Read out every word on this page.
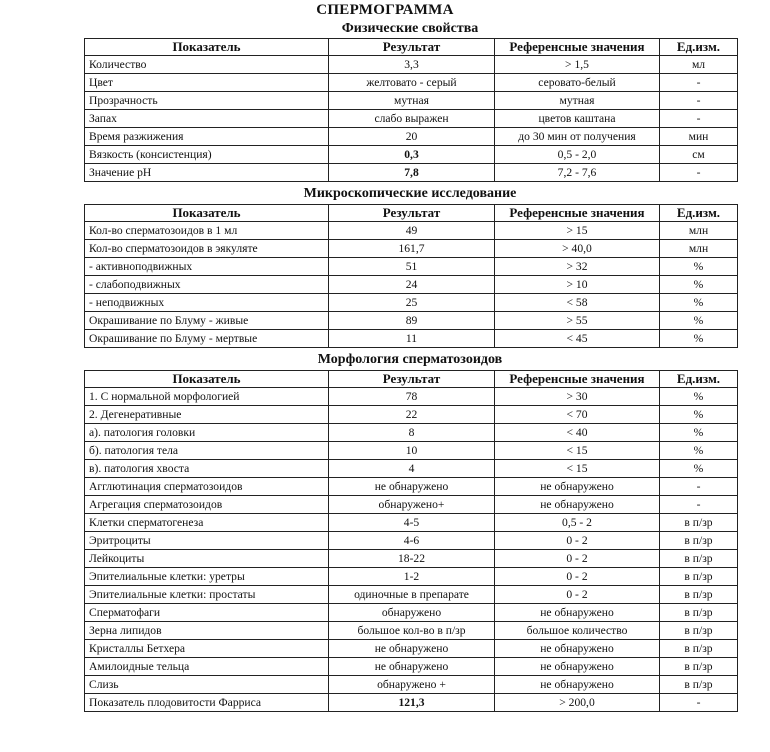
СПЕРМОГРАММА
Физические свойства
Показатель	Результат	Референсные значения	Ед.изм.
Количество	3,3	> 1,5	мл
Цвет	желтовато - серый	серовато-белый	-
Прозрачность	мутная	мутная	-
Запах	слабо выражен	цветов каштана	-
Время разжижения	20	до 30 мин от получения	мин
Вязкость (консистенция)	0,3	0,5 - 2,0	см
Значение pH	7,8	7,2 - 7,6	-
Микроскопические исследование
Показатель	Результат	Референсные значения	Ед.изм.
Кол-во сперматозоидов в 1 мл	49	> 15	млн
Кол-во сперматозоидов в эякуляте	161,7	> 40,0	млн
- активноподвижных	51	> 32	%
- слабоподвижных	24	> 10	%
- неподвижных	25	< 58	%
Окрашивание по Блуму - живые	89	> 55	%
Окрашивание по Блуму - мертвые	11	< 45	%
Морфология сперматозоидов
Показатель	Результат	Референсные значения	Ед.изм.
1. С нормальной морфологией	78	> 30	%
2. Дегенеративные	22	< 70	%
а). патология головки	8	< 40	%
б). патология тела	10	< 15	%
в). патология хвоста	4	< 15	%
Агглютинация сперматозоидов	не обнаружено	не обнаружено	-
Агрегация сперматозоидов	обнаружено+	не обнаружено	-
Клетки сперматогенеза	4-5	0,5 - 2	в п/зр
Эритроциты	4-6	0 - 2	в п/зр
Лейкоциты	18-22	0 - 2	в п/зр
Эпителиальные клетки: уретры	1-2	0 - 2	в п/зр
Эпителиальные клетки: простаты	одиночные в препарате	0 - 2	в п/зр
Сперматофаги	обнаружено	не обнаружено	в п/зр
Зерна липидов	большое кол-во в п/зр	большое количество	в п/зр
Кристаллы Бетхера	не обнаружено	не обнаружено	в п/зр
Амилоидные тельца	не обнаружено	не обнаружено	в п/зр
Слизь	обнаружено +	не обнаружено	в п/зр
Показатель плодовитости Фарриса	121,3	> 200,0	-
